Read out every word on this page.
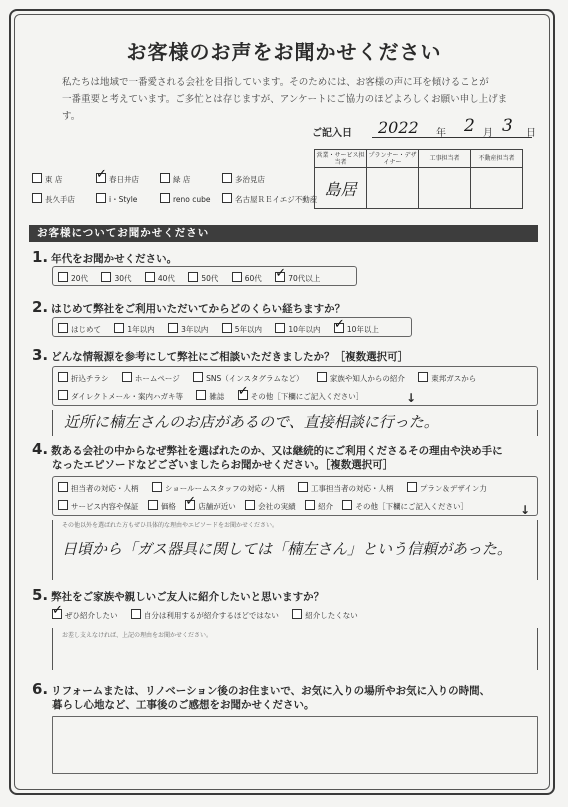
お客様のお声をお聞かせください
私たちは地域で一番愛される会社を目指しています。そのためには、お客様の声に耳を傾けることが
一番重要と考えています。ご多忙とは存じますが、アンケートにご協力のほどよろしくお願い申し上げます。
ご記入日 2022 年 2 月 3 日
営業・サービス担当者	プランナー・デザイナー	工事担当者	不動産担当者
島居			
東 店 ✓	春日井店	緑 店	多治見店
長久手店	i・Style	reno cube	名古屋ＲＥイエジ不動産
お客様についてお聞かせください
1. 年代をお聞かせください。
20代	30代	40代	50代	60代 ✓	70代以上
2. はじめて弊社をご利用いただいてからどのくらい経ちますか？
はじめて	1年以内	3年以内	5年以内	10年以内 ✓	10年以上
3. どんな情報源を参考にして弊社にご相談いただきましたか？［複数選択可］
折込チラシ	ホームページ	SNS（インスタグラムなど）	家族や知人からの紹介	東邦ガスから
ダイレクトメール・案内ハガキ等	雑誌 ✓	その他［下欄にご記入ください］	↓
近所に楠左さんのお店があるので、直接相談に行った。
4. 数ある会社の中からなぜ弊社を選ばれたのか、又は継続的にご利用くださるその理由や決め手に
なったエピソードなどございましたらお聞かせください。［複数選択可］
担当者の対応・人柄	ショールームスタッフの対応・人柄	工事担当者の対応・人柄	プラン＆デザイン力
サービス内容や保証	価格 ✓	店舗が近い	会社の実績	紹介	その他［下欄にご記入ください］	↓
その他以外を選ばれた方もぜひ具体的な理由やエピソードをお聞かせください。
日頃から「ガス器具に関しては「楠左さん」という信頼があった。
5. 弊社をご家族や親しいご友人に紹介したいと思いますか？
✓ぜひ紹介したい	自分は利用するが紹介するほどではない	紹介したくない
お差し支えなければ、上記の理由をお聞かせください。
6. リフォームまたは、リノベーション後のお住まいで、お気に入りの場所やお気に入りの時間、
暮らし心地など、工事後のご感想をお聞かせください。
